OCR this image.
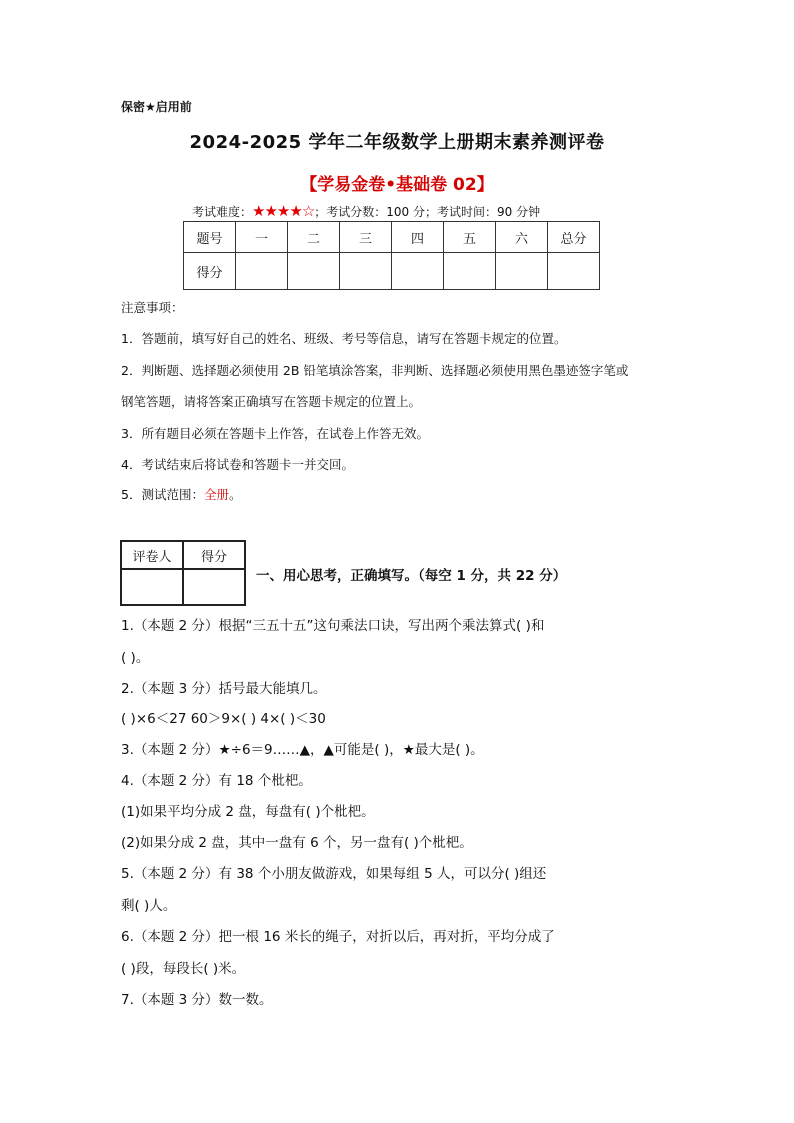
保密★启用前
2024-2025 学年二年级数学上册期末素养测评卷
【学易金卷•基础卷 02】
考试难度：★★★★☆；考试分数：100 分；考试时间：90 分钟
题号	一	二	三	四	五	六	总分
得分							
注意事项：
1．答题前，填写好自己的姓名、班级、考号等信息，请写在答题卡规定的位置。
2．判断题、选择题必须使用 2B 铅笔填涂答案，非判断、选择题必须使用黑色墨迹签字笔或
钢笔答题，请将答案正确填写在答题卡规定的位置上。
3．所有题目必须在答题卡上作答，在试卷上作答无效。
4．考试结束后将试卷和答题卡一并交回。
5．测试范围：全册。
评卷人	得分

一、用心思考，正确填写。（每空 1 分，共 22 分）
1.（本题 2 分）根据“三五十五”这句乘法口诀，写出两个乘法算式( )和
( )。
2.（本题 3 分）括号最大能填几。
( )×6＜27 60＞9×( ) 4×( )＜30
3.（本题 2 分）★÷6＝9……▲，▲可能是( )，★最大是( )。
4.（本题 2 分）有 18 个枇杷。
(1)如果平均分成 2 盘，每盘有( )个枇杷。
(2)如果分成 2 盘，其中一盘有 6 个，另一盘有( )个枇杷。
5.（本题 2 分）有 38 个小朋友做游戏，如果每组 5 人，可以分( )组还
剩( )人。
6.（本题 2 分）把一根 16 米长的绳子，对折以后，再对折，平均分成了
( )段，每段长( )米。
7.（本题 3 分）数一数。
